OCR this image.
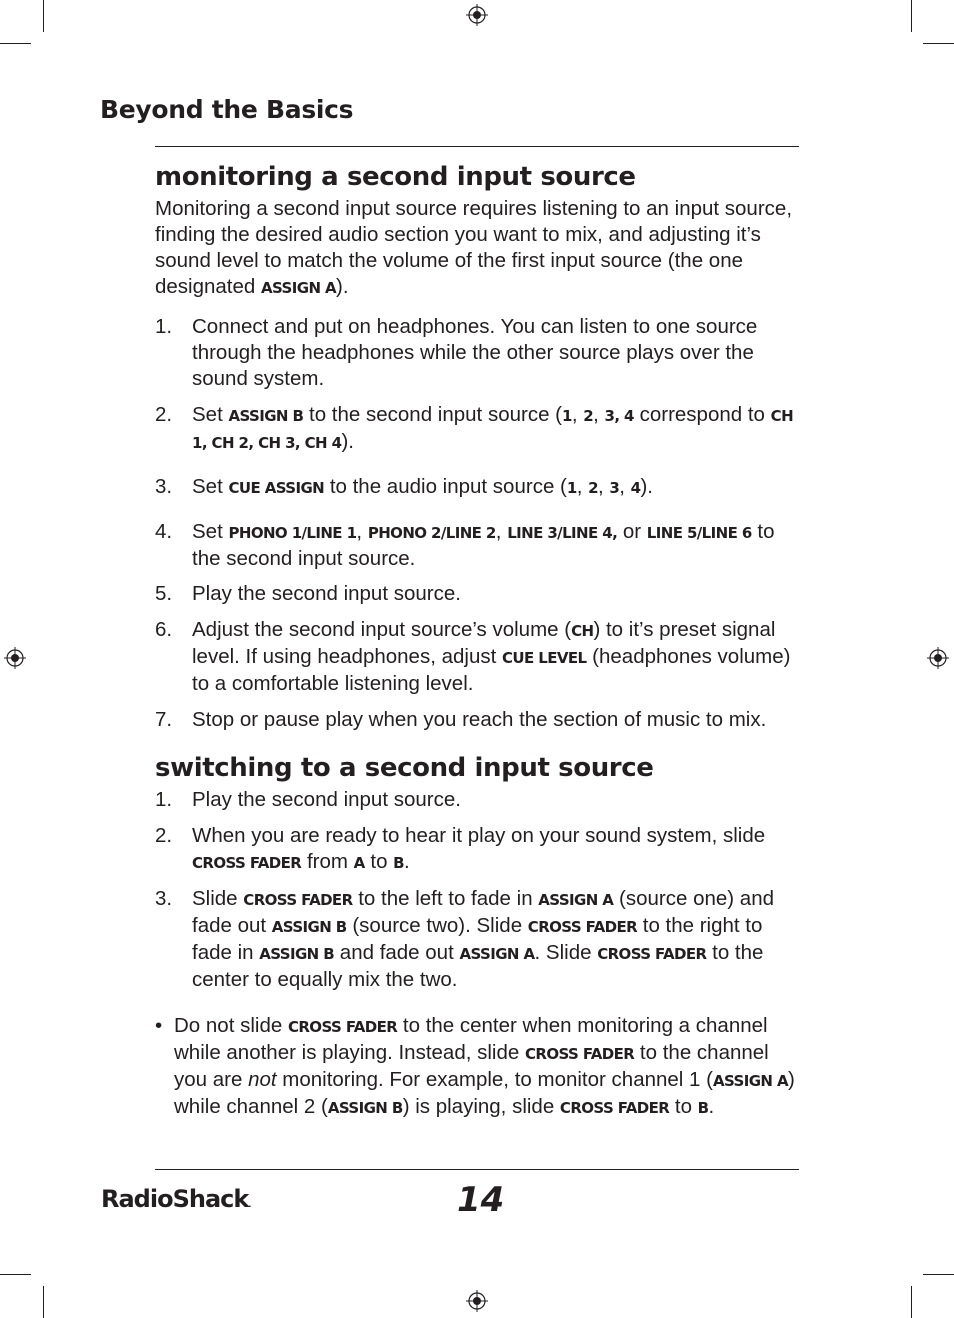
Beyond the Basics
monitoring a second input source

Monitoring a second input source requires listening to an input source, finding the desired audio section you want to mix, and adjusting it’s sound level to match the volume of the first input source (the one designated ASSIGN A).

1. Connect and put on headphones. You can listen to one source through the headphones while the other source plays over the sound system.
2. Set ASSIGN B to the second input source (1, 2, 3, 4 correspond to CH 1, CH 2, CH 3, CH 4).
3. Set CUE ASSIGN to the audio input source (1, 2, 3, 4).
4. Set PHONO 1/LINE 1, PHONO 2/LINE 2, LINE 3/LINE 4, or LINE 5/LINE 6 to the second input source.
5. Play the second input source.
6. Adjust the second input source’s volume (CH) to it’s preset signal level. If using headphones, adjust CUE LEVEL (headphones volume) to a comfortable listening level.
7. Stop or pause play when you reach the section of music to mix.
switching to a second input source
1. Play the second input source.
2. When you are ready to hear it play on your sound system, slide CROSS FADER from A to B.
3. Slide CROSS FADER to the left to fade in ASSIGN A (source one) and fade out ASSIGN B (source two). Slide CROSS FADER to the right to fade in ASSIGN B and fade out ASSIGN A. Slide CROSS FADER to the center to equally mix the two.
• Do not slide CROSS FADER to the center when monitoring a channel while another is playing. Instead, slide CROSS FADER to the channel you are not monitoring. For example, to monitor channel 1 (ASSIGN A) while channel 2 (ASSIGN B) is playing, slide CROSS FADER to B.
RadioShack.	14
